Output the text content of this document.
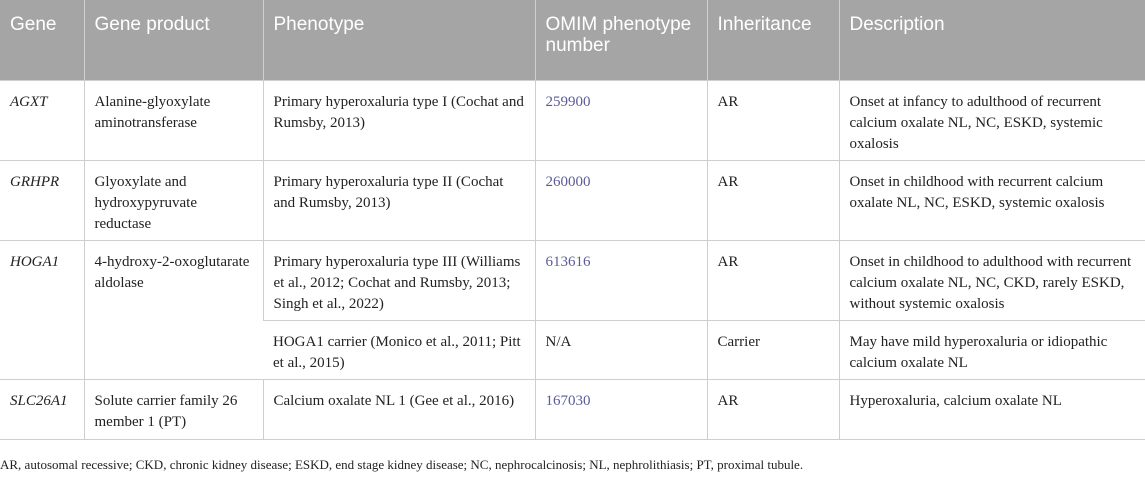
Gene	Gene product	Phenotype	OMIM phenotype number	Inheritance	Description
AGXT	Alanine-glyoxylate aminotransferase	Primary hyperoxaluria type I (Cochat and Rumsby, 2013)	259900	AR	Onset at infancy to adulthood of recurrent calcium oxalate NL, NC, ESKD, systemic oxalosis
GRHPR	Glyoxylate and hydroxypyruvate reductase	Primary hyperoxaluria type II (Cochat and Rumsby, 2013)	260000	AR	Onset in childhood with recurrent calcium oxalate NL, NC, ESKD, systemic oxalosis
HOGA1	4-hydroxy-2-oxoglutarate aldolase	Primary hyperoxaluria type III (Williams et al., 2012; Cochat and Rumsby, 2013; Singh et al., 2022)	613616	AR	Onset in childhood to adulthood with recurrent calcium oxalate NL, NC, CKD, rarely ESKD, without systemic oxalosis
		HOGA1 carrier (Monico et al., 2011; Pitt et al., 2015)	N/A	Carrier	May have mild hyperoxaluria or idiopathic calcium oxalate NL
SLC26A1	Solute carrier family 26 member 1 (PT)	Calcium oxalate NL 1 (Gee et al., 2016)	167030	AR	Hyperoxaluria, calcium oxalate NL

AR, autosomal recessive; CKD, chronic kidney disease; ESKD, end stage kidney disease; NC, nephrocalcinosis; NL, nephrolithiasis; PT, proximal tubule.
